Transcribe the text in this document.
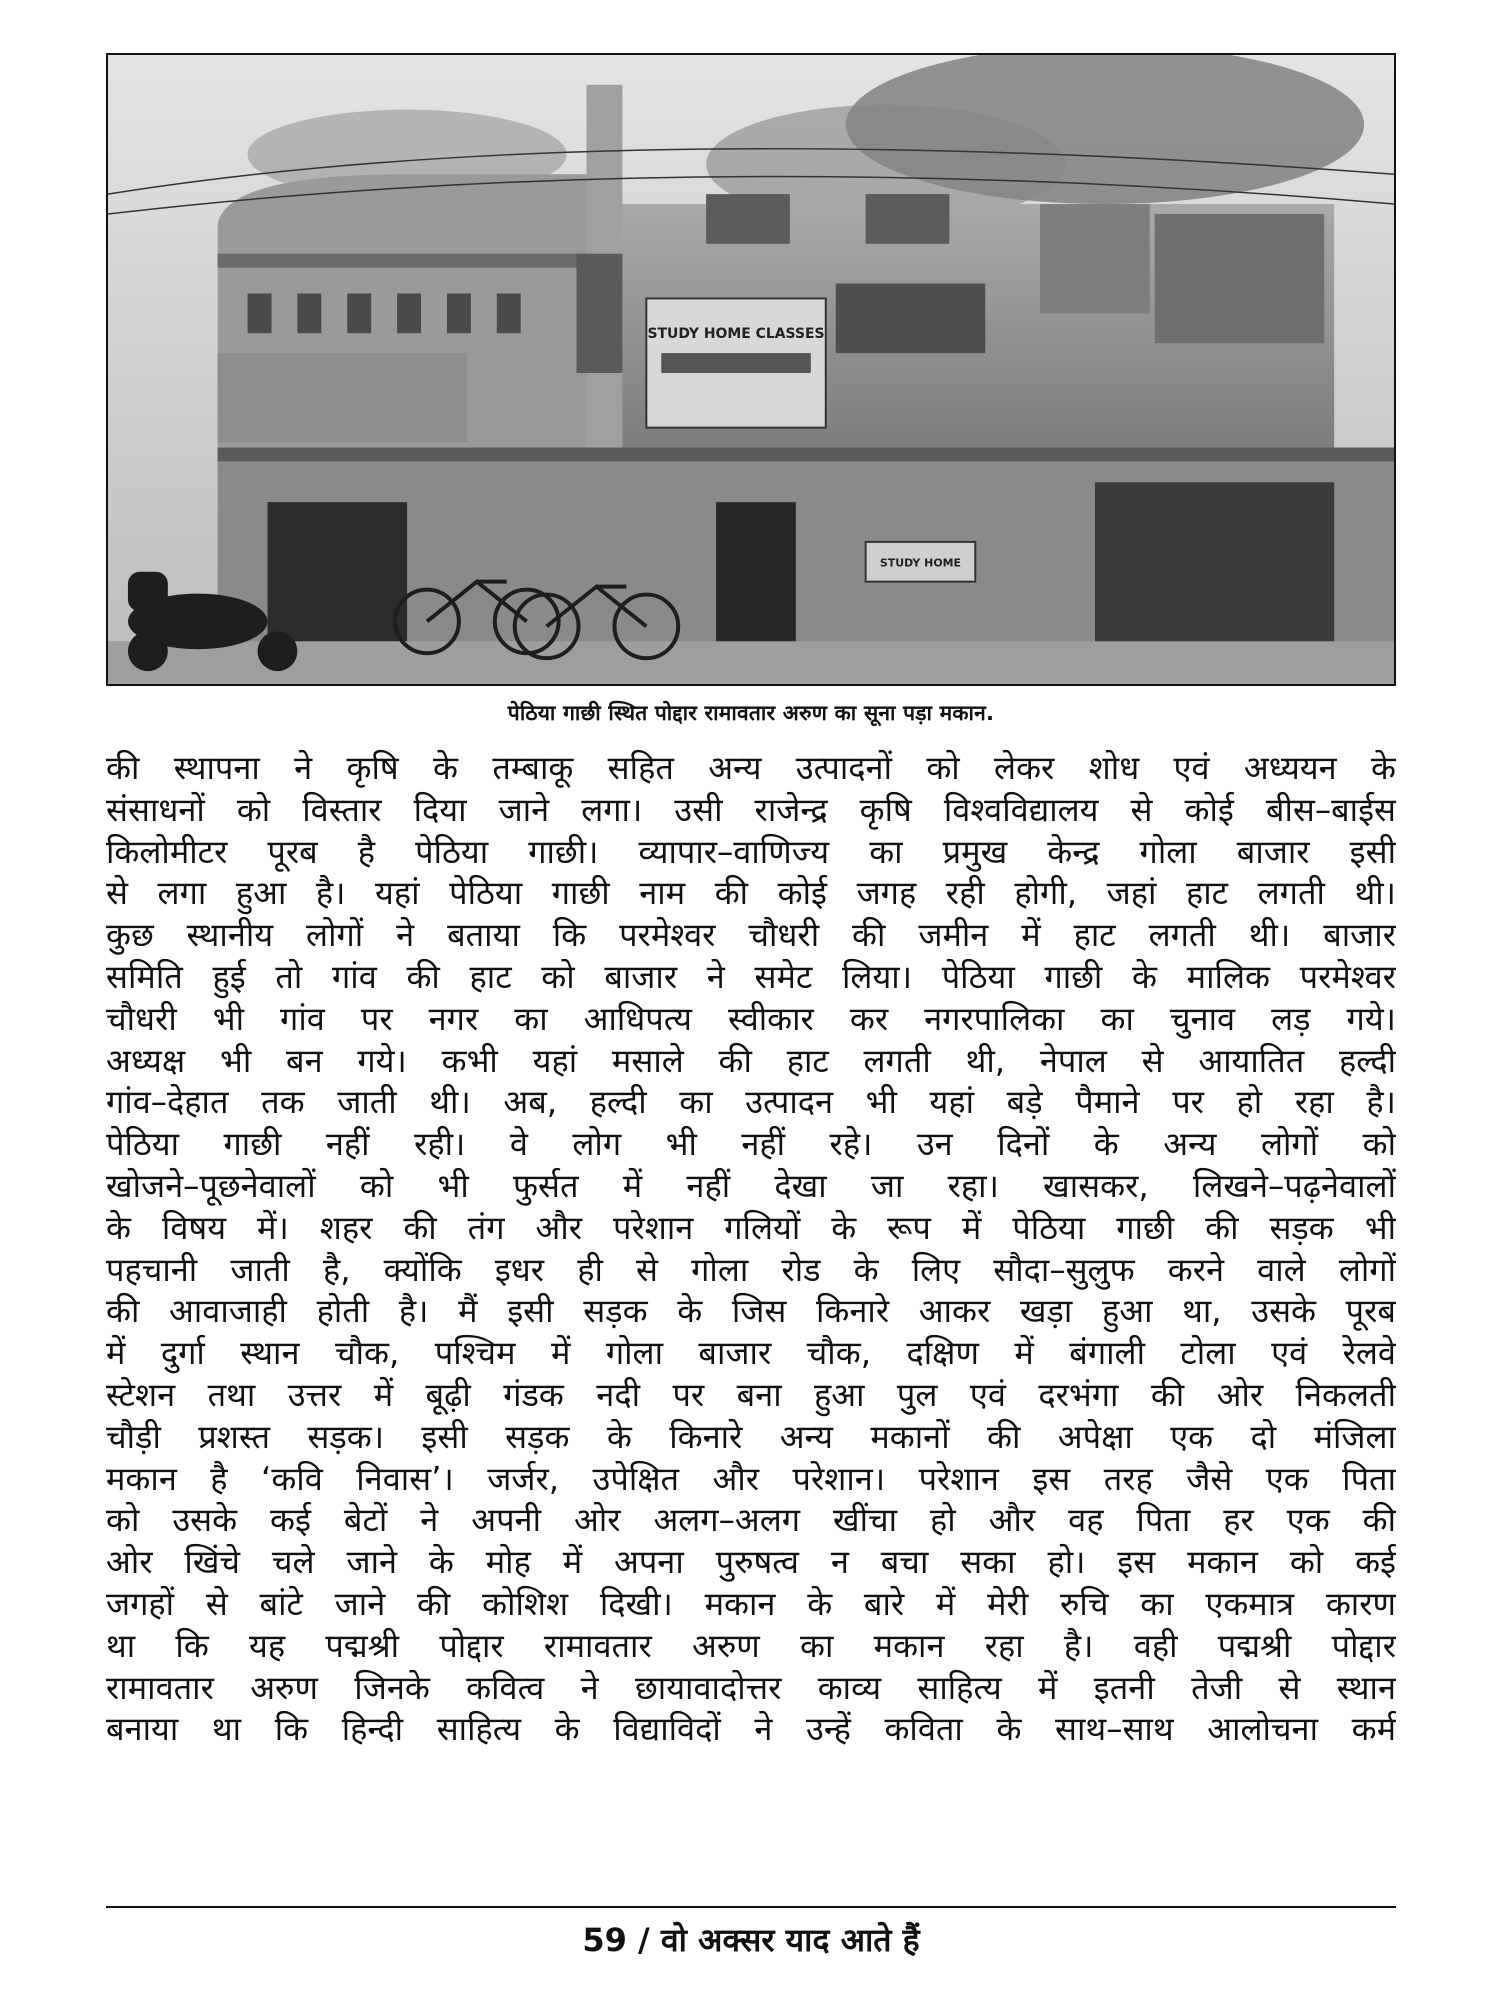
STUDY HOME CLASSES
STUDY HOME
पेठिया गाछी स्थित पोद्दार रामावतार अरुण का सूना पड़ा मकान.
की स्थापना ने कृषि के तम्बाकू सहित अन्य उत्पादनों को लेकर शोध एवं अध्ययन के
संसाधनों को विस्तार दिया जाने लगा। उसी राजेन्द्र कृषि विश्वविद्यालय से कोई बीस–बाईस
किलोमीटर पूरब है पेठिया गाछी। व्यापार–वाणिज्य का प्रमुख केन्द्र गोला बाजार इसी
से लगा हुआ है। यहां पेठिया गाछी नाम की कोई जगह रही होगी, जहां हाट लगती थी।
कुछ स्थानीय लोगों ने बताया कि परमेश्वर चौधरी की जमीन में हाट लगती थी। बाजार
समिति हुई तो गांव की हाट को बाजार ने समेट लिया। पेठिया गाछी के मालिक परमेश्वर
चौधरी भी गांव पर नगर का आधिपत्य स्वीकार कर नगरपालिका का चुनाव लड़ गये।
अध्यक्ष भी बन गये। कभी यहां मसाले की हाट लगती थी, नेपाल से आयातित हल्दी
गांव–देहात तक जाती थी। अब, हल्दी का उत्पादन भी यहां बड़े पैमाने पर हो रहा है।
पेठिया गाछी नहीं रही। वे लोग भी नहीं रहे। उन दिनों के अन्य लोगों को
खोजने–पूछनेवालों को भी फुर्सत में नहीं देखा जा रहा। खासकर, लिखने–पढ़नेवालों
के विषय में। शहर की तंग और परेशान गलियों के रूप में पेठिया गाछी की सड़क भी
पहचानी जाती है, क्योंकि इधर ही से गोला रोड के लिए सौदा–सुलुफ करने वाले लोगों
की आवाजाही होती है। मैं इसी सड़क के जिस किनारे आकर खड़ा हुआ था, उसके पूरब
में दुर्गा स्थान चौक, पश्चिम में गोला बाजार चौक, दक्षिण में बंगाली टोला एवं रेलवे
स्टेशन तथा उत्तर में बूढ़ी गंडक नदी पर बना हुआ पुल एवं दरभंगा की ओर निकलती
चौड़ी प्रशस्त सड़क। इसी सड़क के किनारे अन्य मकानों की अपेक्षा एक दो मंजिला
मकान है ‘कवि निवास’। जर्जर, उपेक्षित और परेशान। परेशान इस तरह जैसे एक पिता
को उसके कई बेटों ने अपनी ओर अलग–अलग खींचा हो और वह पिता हर एक की
ओर खिंचे चले जाने के मोह में अपना पुरुषत्व न बचा सका हो। इस मकान को कई
जगहों से बांटे जाने की कोशिश दिखी। मकान के बारे में मेरी रुचि का एकमात्र कारण
था कि यह पद्मश्री पोद्दार रामावतार अरुण का मकान रहा है। वही पद्मश्री पोद्दार
रामावतार अरुण जिनके कवित्व ने छायावादोत्तर काव्य साहित्य में इतनी तेजी से स्थान
बनाया था कि हिन्दी साहित्य के विद्याविदों ने उन्हें कविता के साथ–साथ आलोचना कर्म
59 / वो अक्सर याद आते हैं
